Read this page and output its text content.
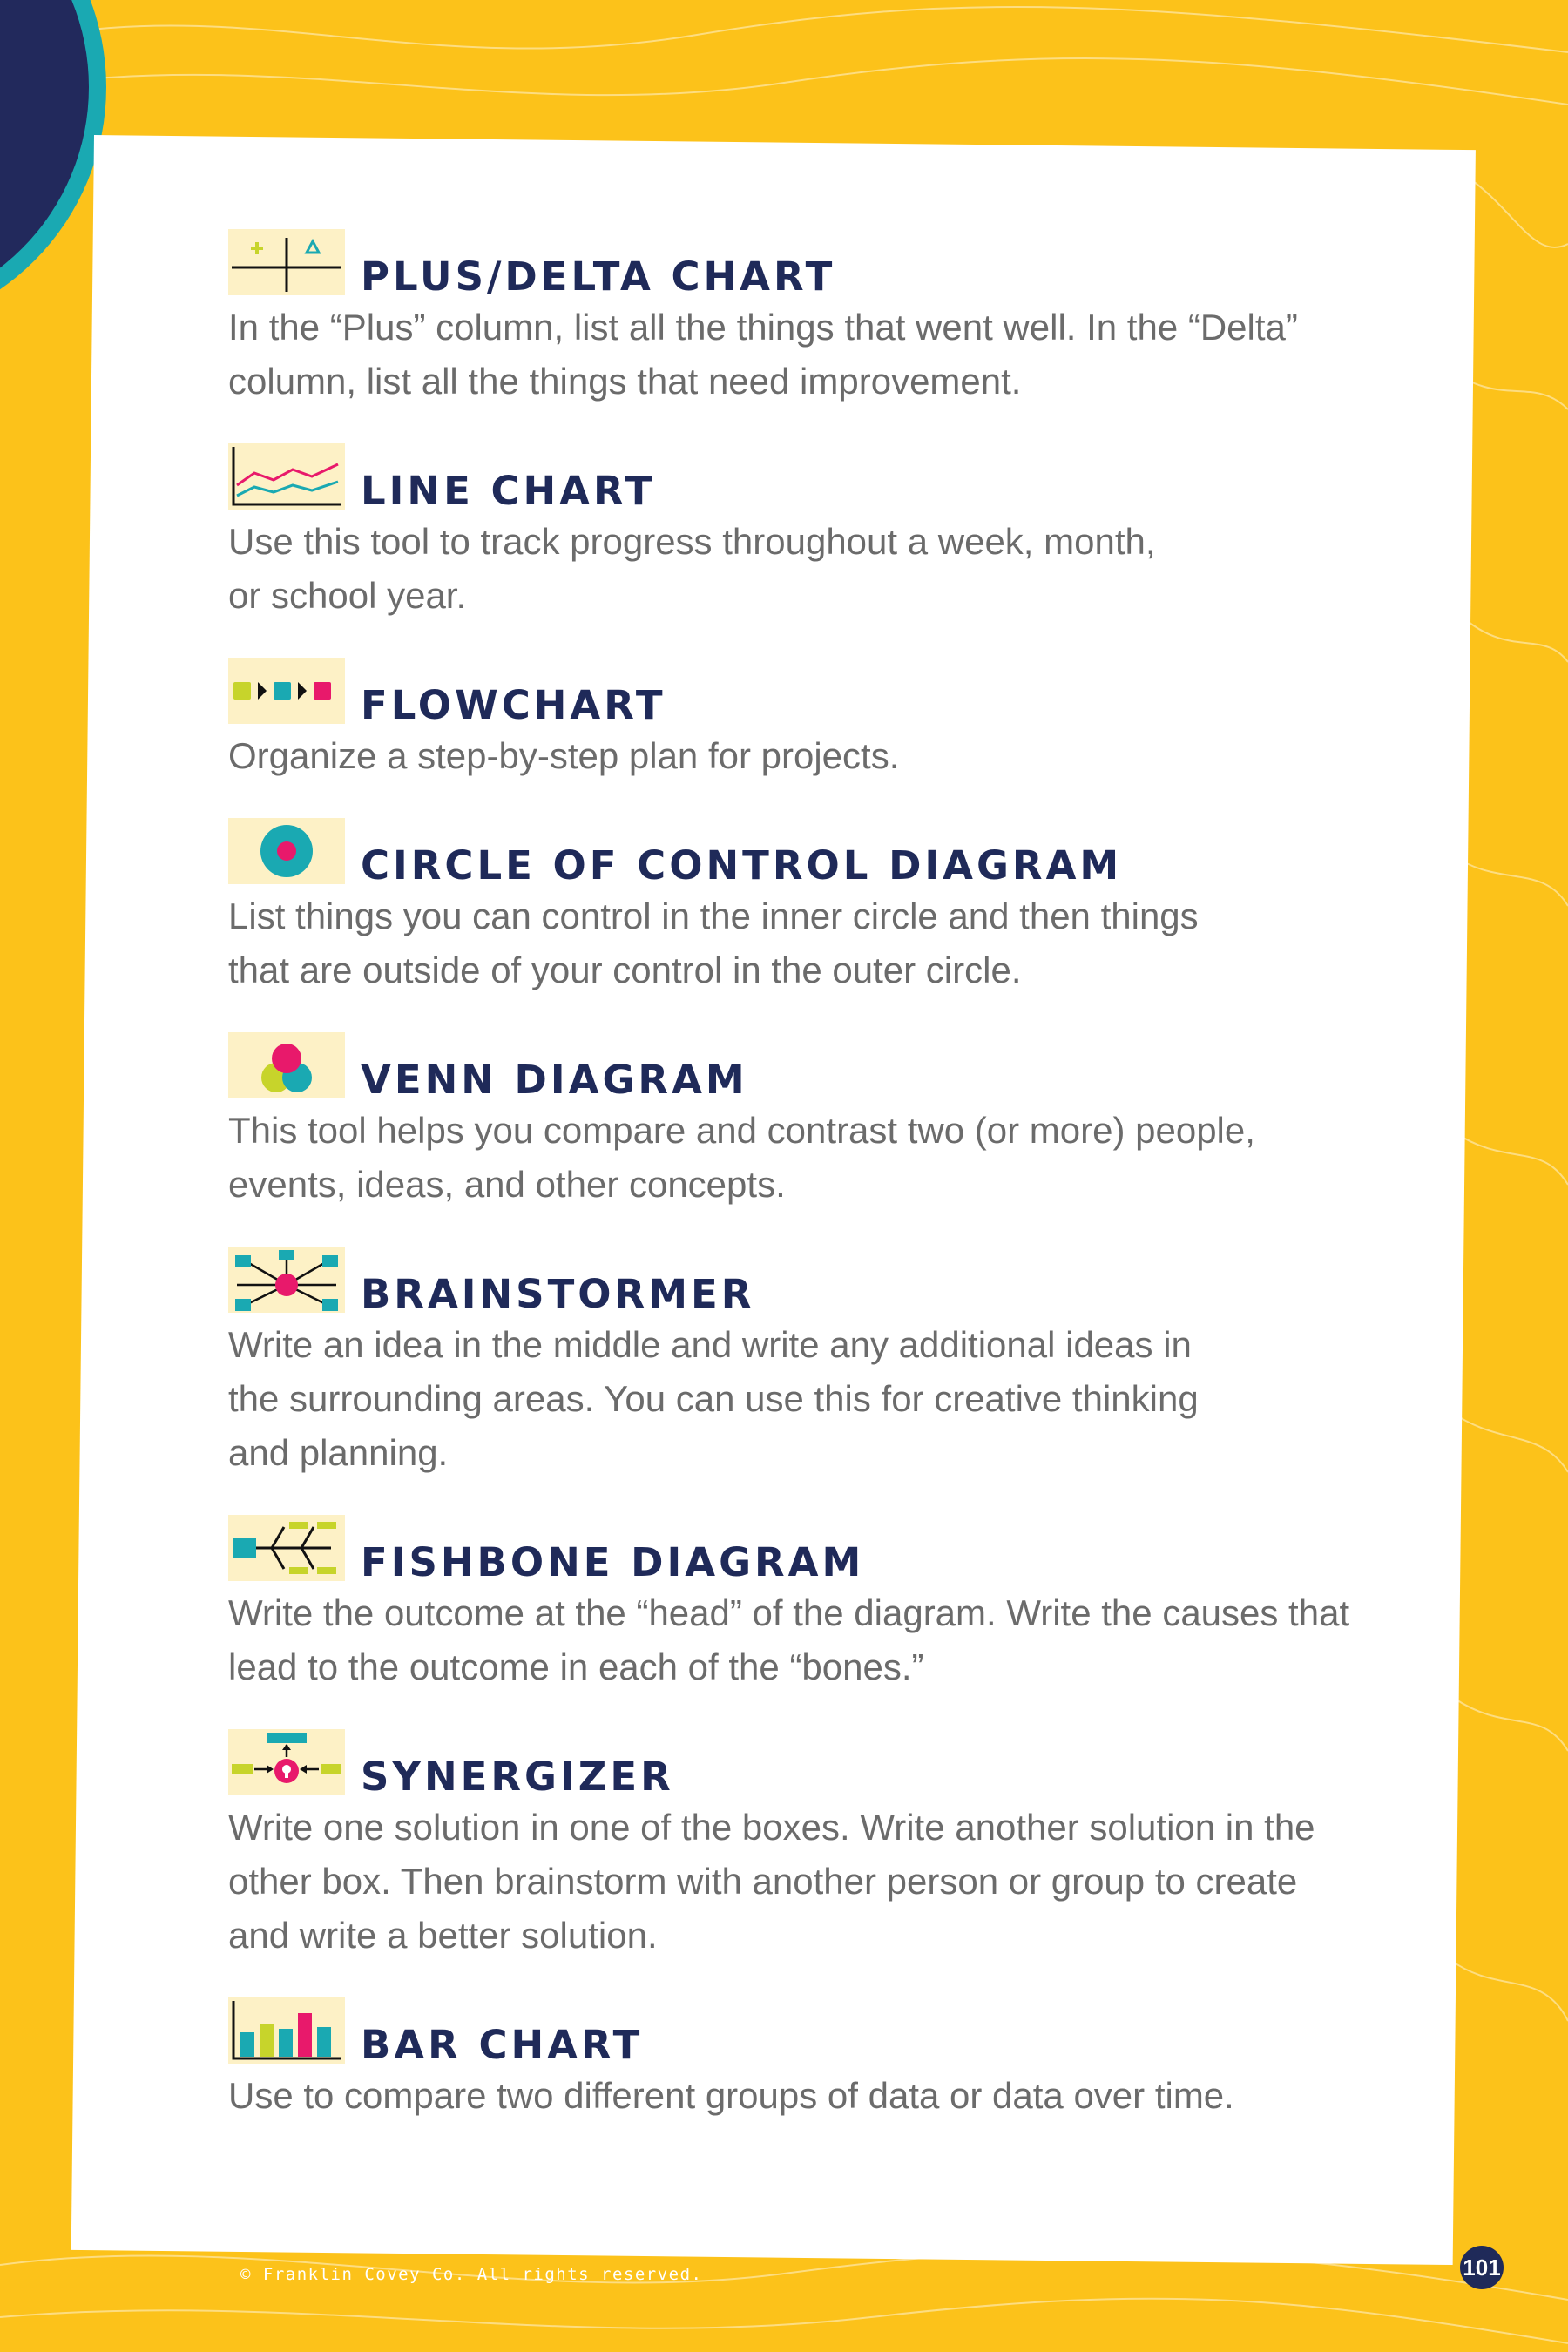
PLUS/DELTA CHART
In the “Plus” column, list all the things that went well. In the “Delta”
column, list all the things that need improvement.
LINE CHART
Use this tool to track progress throughout a week, month,
or school year.
FLOWCHART
Organize a step-by-step plan for projects.
CIRCLE OF CONTROL DIAGRAM
List things you can control in the inner circle and then things
that are outside of your control in the outer circle.
VENN DIAGRAM
This tool helps you compare and contrast two (or more) people,
events, ideas, and other concepts.
BRAINSTORMER
Write an idea in the middle and write any additional ideas in
the surrounding areas. You can use this for creative thinking
and planning.
FISHBONE DIAGRAM
Write the outcome at the “head” of the diagram. Write the causes that
lead to the outcome in each of the “bones.”
SYNERGIZER
Write one solution in one of the boxes. Write another solution in the
other box. Then brainstorm with another person or group to create
and write a better solution.
BAR CHART
Use to compare two different groups of data or data over time.
© Franklin Covey Co. All rights reserved.	101
